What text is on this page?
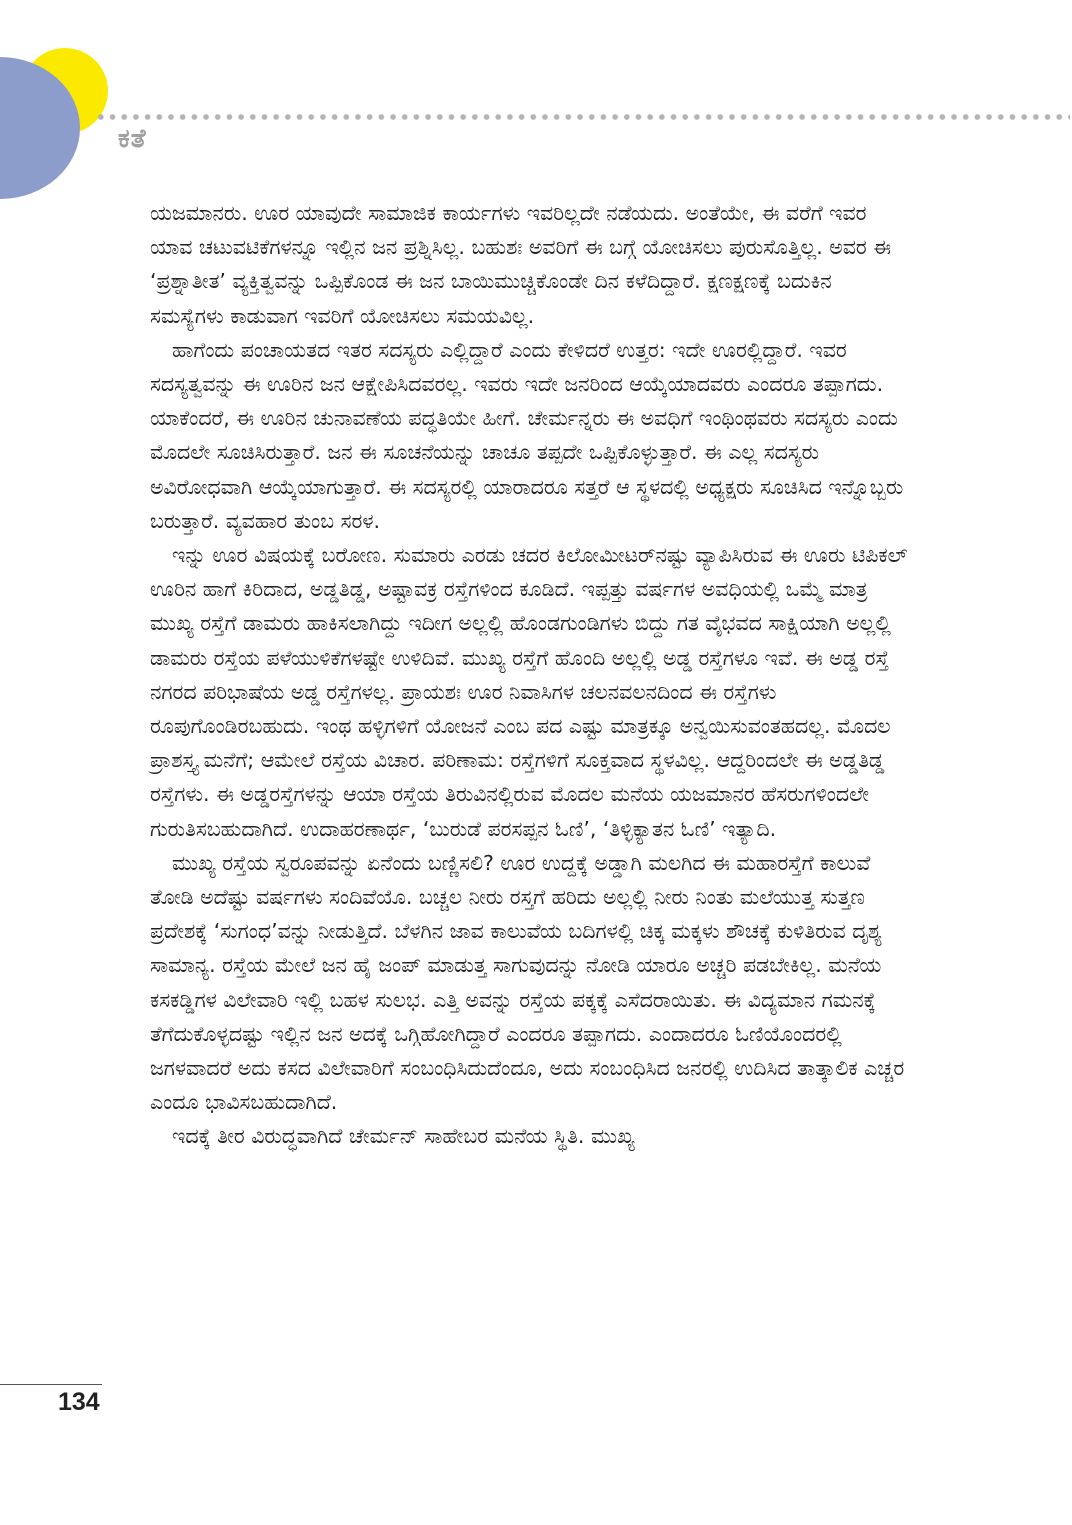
ಕತೆ

ಯಜಮಾನರು. ಊರ ಯಾವುದೇ ಸಾಮಾಜಿಕ ಕಾರ್ಯಗಳು ಇವರಿಲ್ಲದೇ ನಡೆಯದು. ಅಂತೆಯೇ, ಈ ವರೆಗೆ ಇವರ ಯಾವ ಚಟುವಟಿಕೆಗಳನ್ನೂ ಇಲ್ಲಿನ ಜನ ಪ್ರಶ್ನಿಸಿಲ್ಲ. ಬಹುಶಃ ಅವರಿಗೆ ಈ ಬಗ್ಗೆ ಯೋಚಿಸಲು ಪುರುಸೊತ್ತಿಲ್ಲ. ಅವರ ಈ ‘ಪ್ರಶ್ನಾತೀತ’ ವ್ಯಕ್ತಿತ್ವವನ್ನು ಒಪ್ಪಿಕೊಂಡ ಈ ಜನ ಬಾಯಿಮುಚ್ಚಿಕೊಂಡೇ ದಿನ ಕಳೆದಿದ್ದಾರೆ. ಕ್ಷಣಕ್ಷಣಕ್ಕೆ ಬದುಕಿನ ಸಮಸ್ಯೆಗಳು ಕಾಡುವಾಗ ಇವರಿಗೆ ಯೋಚಿಸಲು ಸಮಯವಿಲ್ಲ.

ಹಾಗೆಂದು ಪಂಚಾಯತದ ಇತರ ಸದಸ್ಯರು ಎಲ್ಲಿದ್ದಾರೆ ಎಂದು ಕೇಳಿದರೆ ಉತ್ತರ: ಇದೇ ಊರಲ್ಲಿದ್ದಾರೆ. ಇವರ ಸದಸ್ಯತ್ವವನ್ನು ಈ ಊರಿನ ಜನ ಆಕ್ಷೇಪಿಸಿದವರಲ್ಲ. ಇವರು ಇದೇ ಜನರಿಂದ ಆಯ್ಕೆಯಾದವರು ಎಂದರೂ ತಪ್ಪಾಗದು. ಯಾಕೆಂದರೆ, ಈ ಊರಿನ ಚುನಾವಣೆಯ ಪದ್ಧತಿಯೇ ಹೀಗೆ. ಚೇರ್ಮನ್ನರು ಈ ಅವಧಿಗೆ ಇಂಥಿಂಥವರು ಸದಸ್ಯರು ಎಂದು ಮೊದಲೇ ಸೂಚಿಸಿರುತ್ತಾರೆ. ಜನ ಈ ಸೂಚನೆಯನ್ನು ಚಾಚೂ ತಪ್ಪದೇ ಒಪ್ಪಿಕೊಳ್ಳುತ್ತಾರೆ. ಈ ಎಲ್ಲ ಸದಸ್ಯರು ಅವಿರೋಧವಾಗಿ ಆಯ್ಕೆಯಾಗುತ್ತಾರೆ. ಈ ಸದಸ್ಯರಲ್ಲಿ ಯಾರಾದರೂ ಸತ್ತರೆ ಆ ಸ್ಥಳದಲ್ಲಿ ಅಧ್ಯಕ್ಷರು ಸೂಚಿಸಿದ ಇನ್ನೊಬ್ಬರು ಬರುತ್ತಾರೆ. ವ್ಯವಹಾರ ತುಂಬ ಸರಳ.

ಇನ್ನು ಊರ ವಿಷಯಕ್ಕೆ ಬರೋಣ. ಸುಮಾರು ಎರಡು ಚದರ ಕಿಲೋಮೀಟರ್‌ನಷ್ಟು ವ್ಯಾಪಿಸಿರುವ ಈ ಊರು ಟಿಪಿಕಲ್ ಊರಿನ ಹಾಗೆ ಕಿರಿದಾದ, ಅಡ್ಡತಿಡ್ಡ, ಅಷ್ಟಾವಕ್ರ ರಸ್ತೆಗಳಿಂದ ಕೂಡಿದೆ. ಇಪ್ಪತ್ತು ವರ್ಷಗಳ ಅವಧಿಯಲ್ಲಿ ಒಮ್ಮೆ ಮಾತ್ರ ಮುಖ್ಯ ರಸ್ತೆಗೆ ಡಾಮರು ಹಾಕಿಸಲಾಗಿದ್ದು ಇದೀಗ ಅಲ್ಲಲ್ಲಿ ಹೊಂಡಗುಂಡಿಗಳು ಬಿದ್ದು ಗತ ವೈಭವದ ಸಾಕ್ಷಿಯಾಗಿ ಅಲ್ಲಲ್ಲಿ ಡಾಮರು ರಸ್ತೆಯ ಪಳೆಯುಳಿಕೆಗಳಷ್ಟೇ ಉಳಿದಿವೆ. ಮುಖ್ಯ ರಸ್ತೆಗೆ ಹೊಂದಿ ಅಲ್ಲಲ್ಲಿ ಅಡ್ಡ ರಸ್ತೆಗಳೂ ಇವೆ. ಈ ಅಡ್ಡ ರಸ್ತೆ ನಗರದ ಪರಿಭಾಷೆಯ ಅಡ್ಡ ರಸ್ತೆಗಳಲ್ಲ. ಪ್ರಾಯಶಃ ಊರ ನಿವಾಸಿಗಳ ಚಲನವಲನದಿಂದ ಈ ರಸ್ತೆಗಳು ರೂಪುಗೊಂಡಿರಬಹುದು. ಇಂಥ ಹಳ್ಳಿಗಳಿಗೆ ಯೋಜನೆ ಎಂಬ ಪದ ಎಷ್ಟು ಮಾತ್ರಕ್ಕೂ ಅನ್ವಯಿಸುವಂತಹದಲ್ಲ. ಮೊದಲ ಪ್ರಾಶಸ್ತ್ಯ ಮನೆಗೆ; ಆಮೇಲೆ ರಸ್ತೆಯ ವಿಚಾರ. ಪರಿಣಾಮ: ರಸ್ತೆಗಳಿಗೆ ಸೂಕ್ತವಾದ ಸ್ಥಳವಿಲ್ಲ. ಆದ್ದರಿಂದಲೇ ಈ ಅಡ್ಡತಿಡ್ಡ ರಸ್ತೆಗಳು. ಈ ಅಡ್ಡರಸ್ತೆಗಳನ್ನು ಆಯಾ ರಸ್ತೆಯ ತಿರುವಿನಲ್ಲಿರುವ ಮೊದಲ ಮನೆಯ ಯಜಮಾನರ ಹೆಸರುಗಳಿಂದಲೇ ಗುರುತಿಸಬಹುದಾಗಿದೆ. ಉದಾಹರಣಾರ್ಥ, ‘ಬುರುಡೆ ಪರಸಪ್ಪನ ಓಣಿ’, ‘ತಿಳ್ಳಿಕ್ಯಾತನ ಓಣಿ’ ಇತ್ಯಾದಿ.

ಮುಖ್ಯ ರಸ್ತೆಯ ಸ್ವರೂಪವನ್ನು ಏನೆಂದು ಬಣ್ಣಿಸಲಿ? ಊರ ಉದ್ದಕ್ಕೆ ಅಡ್ಡಾಗಿ ಮಲಗಿದ ಈ ಮಹಾರಸ್ತೆಗೆ ಕಾಲುವೆ ತೋಡಿ ಅದೆಷ್ಟು ವರ್ಷಗಳು ಸಂದಿವೆಯೊ. ಬಚ್ಚಲ ನೀರು ರಸ್ತಗೆ ಹರಿದು ಅಲ್ಲಲ್ಲಿ ನೀರು ನಿಂತು ಮಲೆಯುತ್ತ ಸುತ್ತಣ ಪ್ರದೇಶಕ್ಕೆ ‘ಸುಗಂಧ’ವನ್ನು ನೀಡುತ್ತಿದೆ. ಬೆಳಗಿನ ಜಾವ ಕಾಲುವೆಯ ಬದಿಗಳಲ್ಲಿ ಚಿಕ್ಕ ಮಕ್ಕಳು ಶೌಚಕ್ಕೆ ಕುಳಿತಿರುವ ದೃಶ್ಯ ಸಾಮಾನ್ಯ. ರಸ್ತೆಯ ಮೇಲೆ ಜನ ಹೈ ಜಂಪ್ ಮಾಡುತ್ತ ಸಾಗುವುದನ್ನು ನೋಡಿ ಯಾರೂ ಅಚ್ಚರಿ ಪಡಬೇಕಿಲ್ಲ. ಮನೆಯ ಕಸಕಡ್ಡಿಗಳ ವಿಲೇವಾರಿ ಇಲ್ಲಿ ಬಹಳ ಸುಲಭ. ಎತ್ತಿ ಅವನ್ನು ರಸ್ತೆಯ ಪಕ್ಕಕ್ಕೆ ಎಸೆದರಾಯಿತು. ಈ ವಿದ್ಯಮಾನ ಗಮನಕ್ಕೆ ತೆಗೆದುಕೊಳ್ಳದಷ್ಟು ಇಲ್ಲಿನ ಜನ ಅದಕ್ಕೆ ಒಗ್ಗಿಹೋಗಿದ್ದಾರೆ ಎಂದರೂ ತಪ್ಪಾಗದು. ಎಂದಾದರೂ ಓಣಿಯೊಂದರಲ್ಲಿ ಜಗಳವಾದರೆ ಅದು ಕಸದ ವಿಲೇವಾರಿಗೆ ಸಂಬಂಧಿಸಿದುದೆಂದೂ, ಅದು ಸಂಬಂಧಿಸಿದ ಜನರಲ್ಲಿ ಉದಿಸಿದ ತಾತ್ಕಾಲಿಕ ಎಚ್ಚರ ಎಂದೂ ಭಾವಿಸಬಹುದಾಗಿದೆ.

ಇದಕ್ಕೆ ತೀರ ವಿರುದ್ಧವಾಗಿದೆ ಚೇರ್ಮನ್ ಸಾಹೇಬರ ಮನೆಯ ಸ್ಥಿತಿ. ಮುಖ್ಯ

134
